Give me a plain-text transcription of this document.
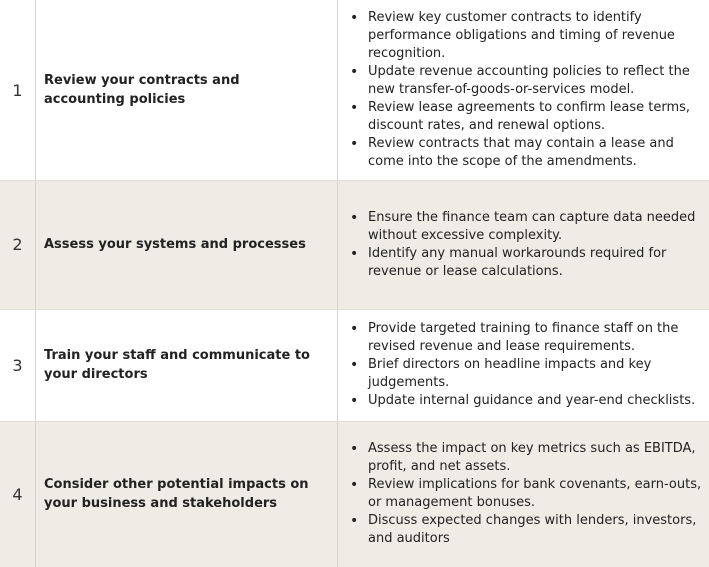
1	Review your contracts and accounting policies
• Review key customer contracts to identify performance obligations and timing of revenue recognition.
• Update revenue accounting policies to reflect the new transfer-of-goods-or-services model.
• Review lease agreements to confirm lease terms, discount rates, and renewal options.
• Review contracts that may contain a lease and come into the scope of the amendments.
2	Assess your systems and processes
• Ensure the finance team can capture data needed without excessive complexity.
• Identify any manual workarounds required for revenue or lease calculations.
3	Train your staff and communicate to your directors
• Provide targeted training to finance staff on the revised revenue and lease requirements.
• Brief directors on headline impacts and key judgements.
• Update internal guidance and year-end checklists.
4	Consider other potential impacts on your business and stakeholders
• Assess the impact on key metrics such as EBITDA, profit, and net assets.
• Review implications for bank covenants, earn-outs, or management bonuses.
• Discuss expected changes with lenders, investors, and auditors
